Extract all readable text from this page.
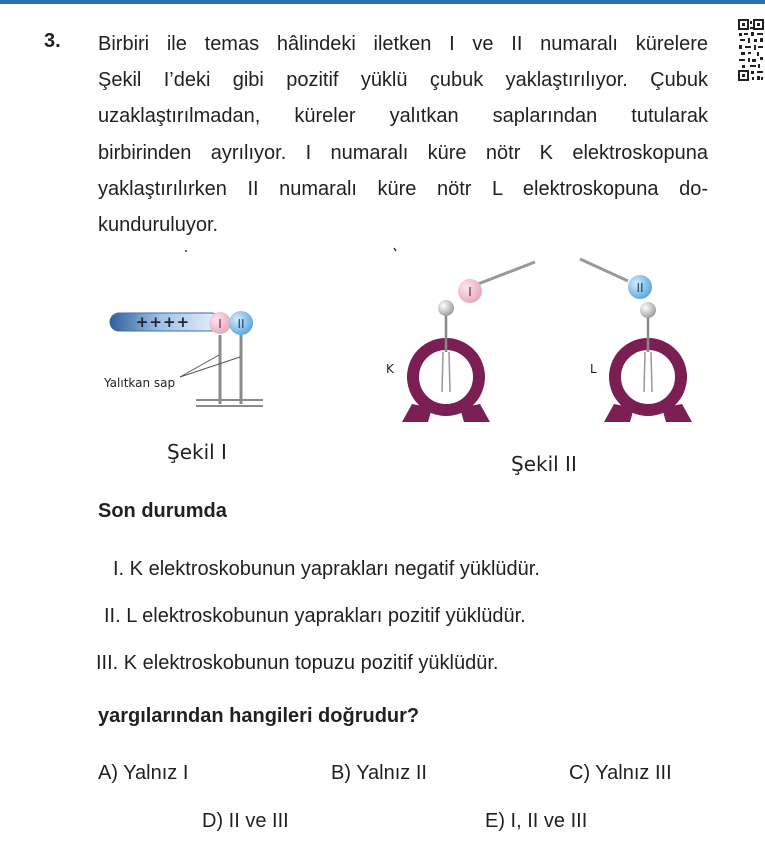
3. Birbiri ile temas hâlindeki iletken I ve II numaralı kürelere
Şekil I’deki gibi pozitif yüklü çubuk yaklaştırılıyor. Çubuk
uzaklaştırılmadan, küreler yalıtkan saplarından tutularak
birbirinden ayrılıyor. I numaralı küre nötr K elektroskopuna
yaklaştırılırken II numaralı küre nötr L elektroskopuna do-
kunduruluyor.
++++
Yalıtkan sap
I II
K
I
L
II
Şekil I	Şekil II
Son durumda
I. K elektroskobunun yaprakları negatif yüklüdür.
II. L elektroskobunun yaprakları pozitif yüklüdür.
III. K elektroskobunun topuzu pozitif yüklüdür.
yargılarından hangileri doğrudur?
A) Yalnız I	B) Yalnız II	C) Yalnız III
D) II ve III	E) I, II ve III
